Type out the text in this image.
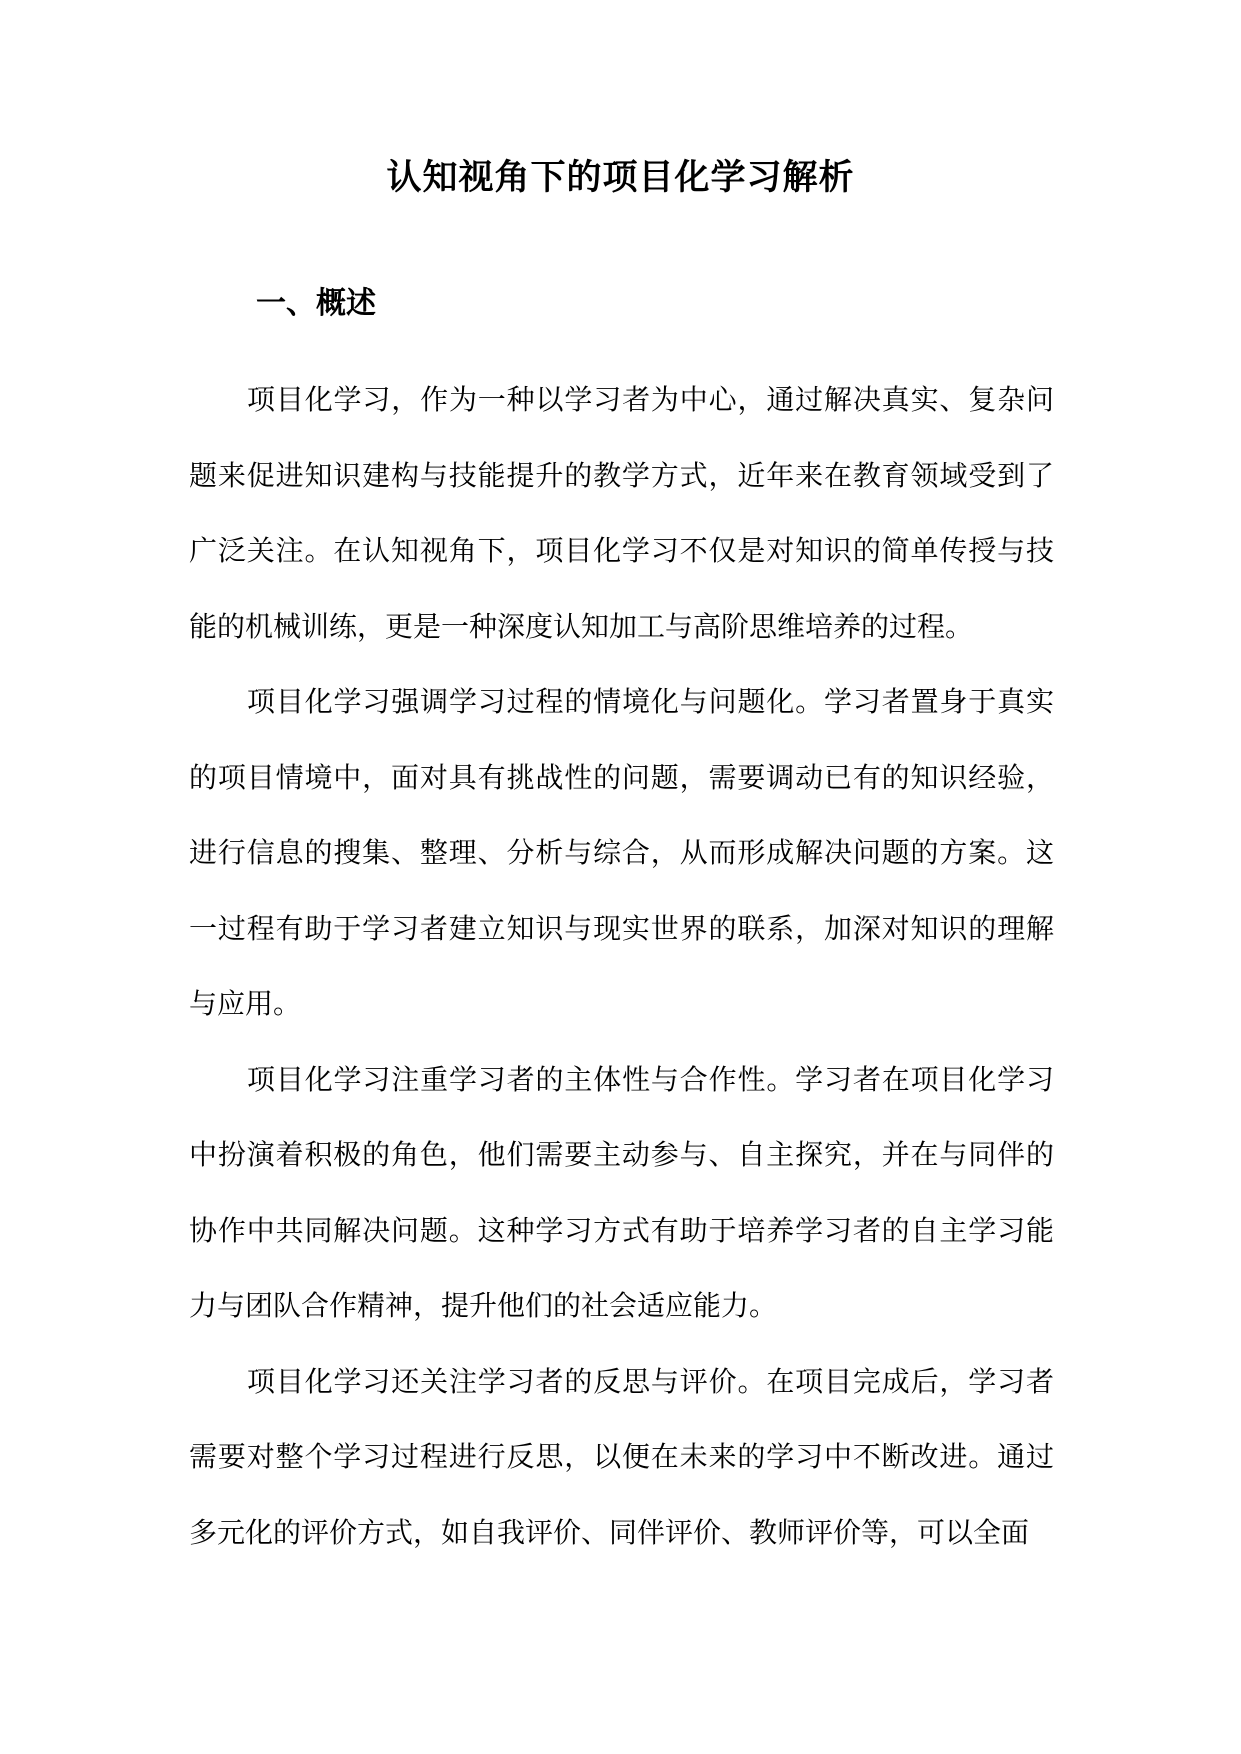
认知视角下的项目化学习解析
一、概述

项目化学习，作为一种以学习者为中心，通过解决真实、复杂问题来促进知识建构与技能提升的教学方式，近年来在教育领域受到了广泛关注。在认知视角下，项目化学习不仅是对知识的简单传授与技能的机械训练，更是一种深度认知加工与高阶思维培养的过程。

项目化学习强调学习过程的情境化与问题化。学习者置身于真实的项目情境中，面对具有挑战性的问题，需要调动已有的知识经验，进行信息的搜集、整理、分析与综合，从而形成解决问题的方案。这一过程有助于学习者建立知识与现实世界的联系，加深对知识的理解与应用。

项目化学习注重学习者的主体性与合作性。学习者在项目化学习中扮演着积极的角色，他们需要主动参与、自主探究，并在与同伴的协作中共同解决问题。这种学习方式有助于培养学习者的自主学习能力与团队合作精神，提升他们的社会适应能力。

项目化学习还关注学习者的反思与评价。在项目完成后，学习者需要对整个学习过程进行反思，以便在未来的学习中不断改进。通过多元化的评价方式，如自我评价、同伴评价、教师评价等，可以全面
